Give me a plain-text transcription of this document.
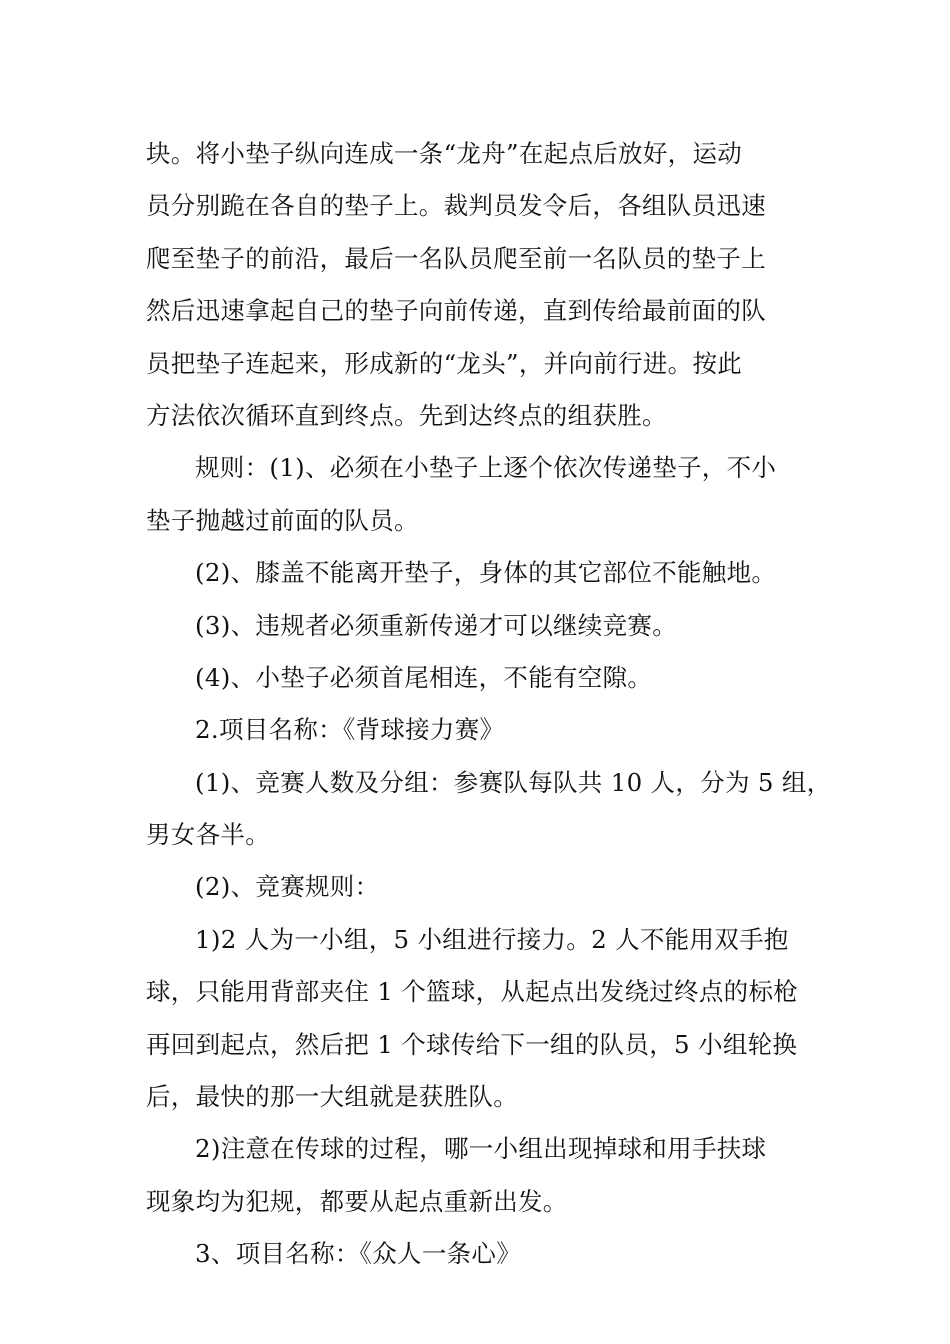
块。将小垫子纵向连成一条“龙舟”在起点后放好，运动
员分别跪在各自的垫子上。裁判员发令后，各组队员迅速
爬至垫子的前沿，最后一名队员爬至前一名队员的垫子上
然后迅速拿起自己的垫子向前传递，直到传给最前面的队
员把垫子连起来，形成新的“龙头”，并向前行进。按此
方法依次循环直到终点。先到达终点的组获胜。
规则：(1)、必须在小垫子上逐个依次传递垫子，不小
垫子抛越过前面的队员。
(2)、膝盖不能离开垫子，身体的其它部位不能触地。
(3)、违规者必须重新传递才可以继续竞赛。
(4)、小垫子必须首尾相连，不能有空隙。
2.项目名称：《背球接力赛》
(1)、竞赛人数及分组：参赛队每队共 10 人，分为 5 组，
男女各半。
(2)、竞赛规则：
1)2 人为一小组，5 小组进行接力。2 人不能用双手抱
球，只能用背部夹住 1 个篮球，从起点出发绕过终点的标枪
再回到起点，然后把 1 个球传给下一组的队员，5 小组轮换
后，最快的那一大组就是获胜队。
2)注意在传球的过程，哪一小组出现掉球和用手扶球
现象均为犯规，都要从起点重新出发。
3、项目名称：《众人一条心》
